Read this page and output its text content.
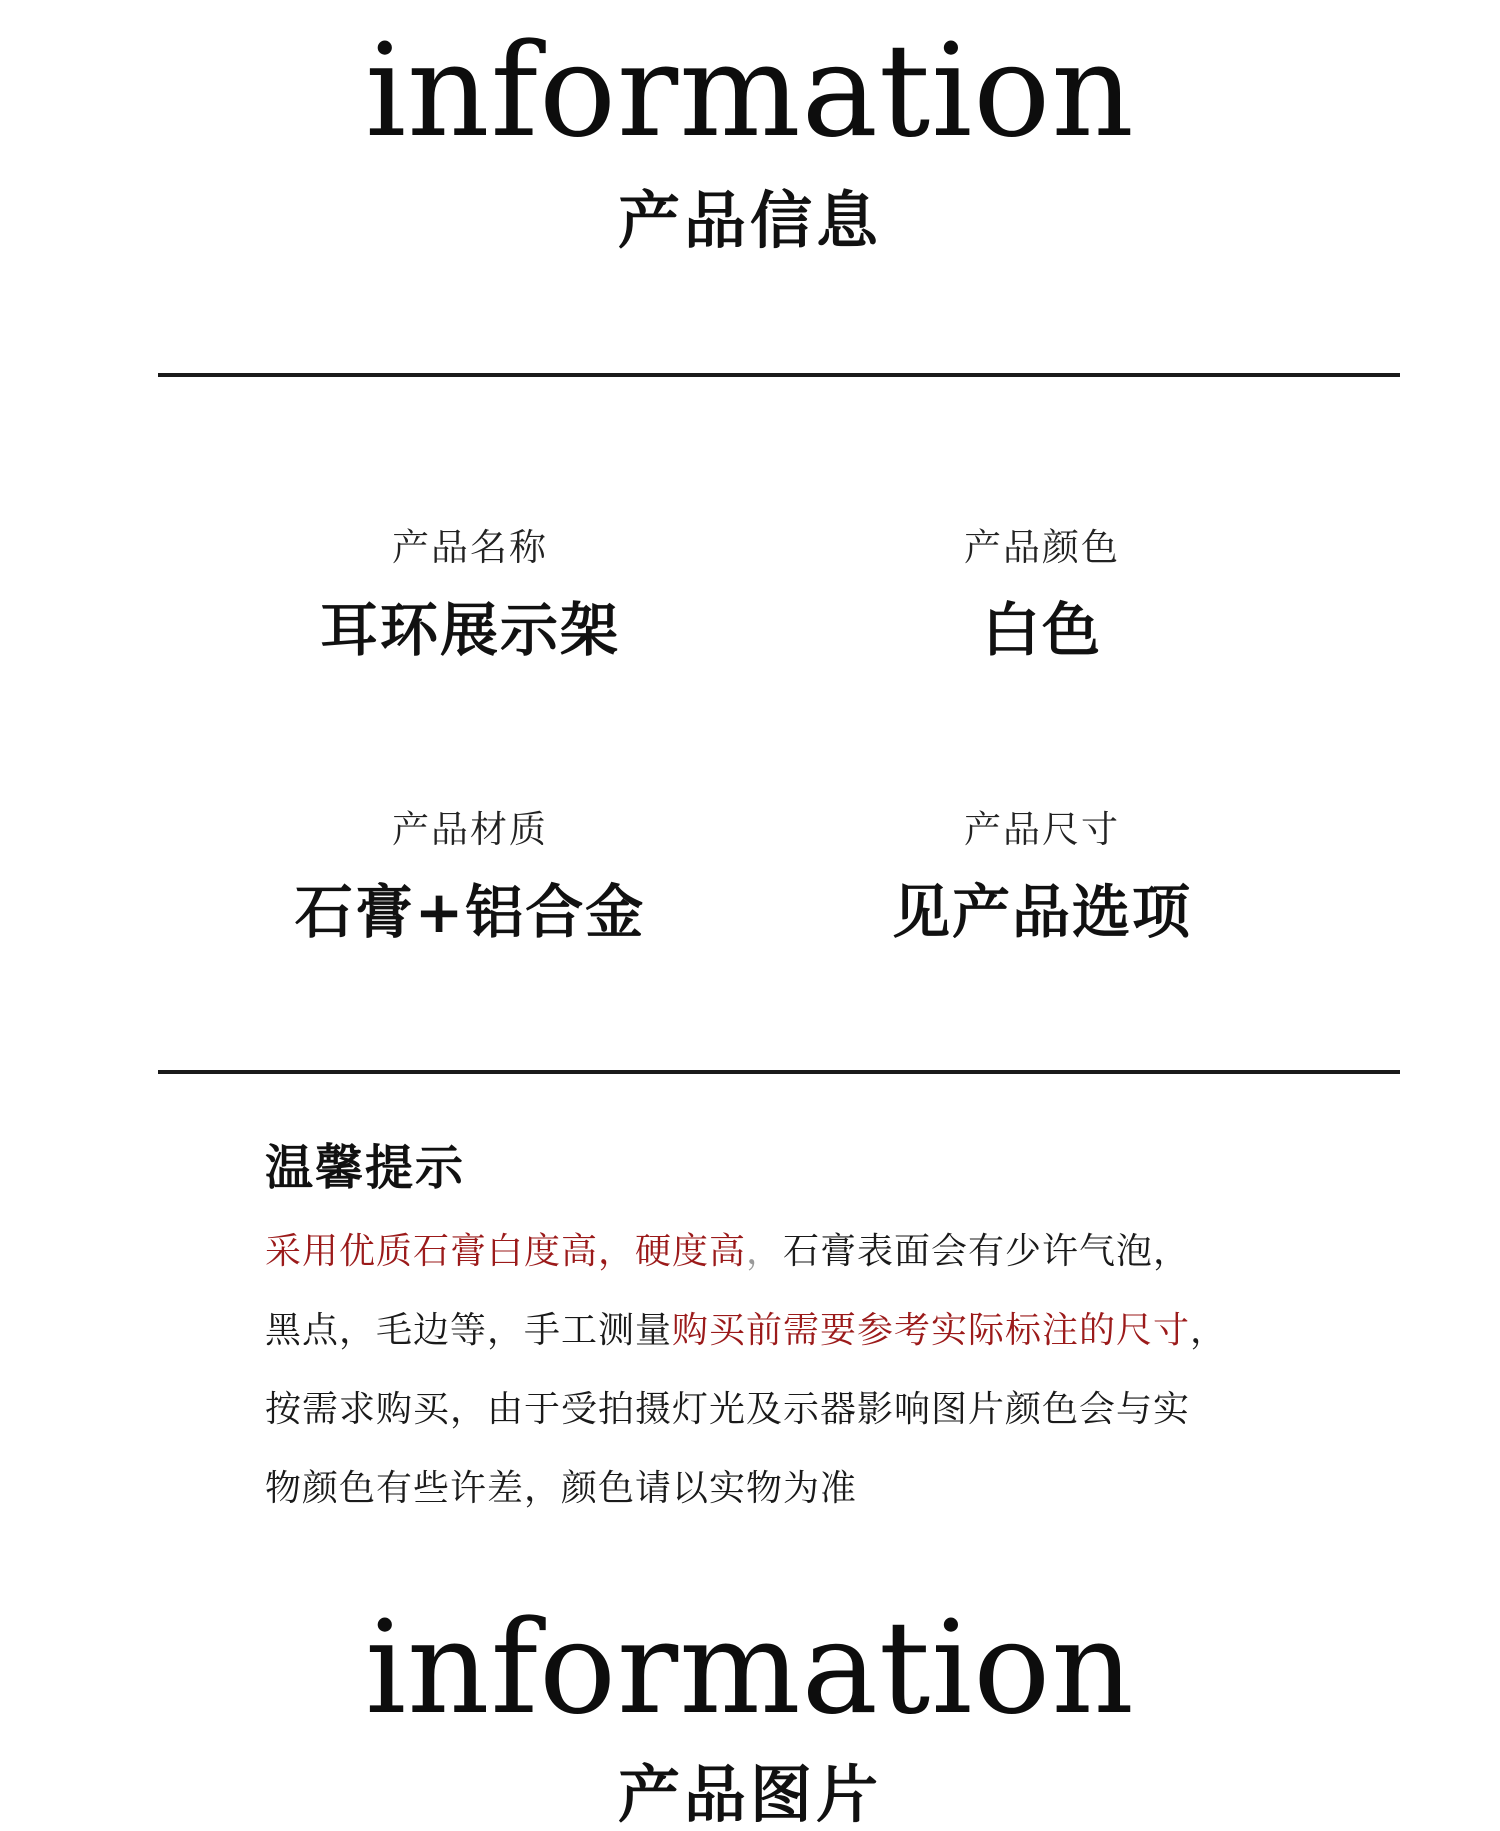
information
产品信息
产品名称
耳环展示架
产品颜色
白色
产品材质
石膏+铝合金
产品尺寸
见产品选项
温馨提示
采用优质石膏白度高，硬度高，石膏表面会有少许气泡，
黑点，毛边等，手工测量购买前需要参考实际标注的尺寸，
按需求购买，由于受拍摄灯光及示器影响图片颜色会与实
物颜色有些许差，颜色请以实物为准
information
产品图片
